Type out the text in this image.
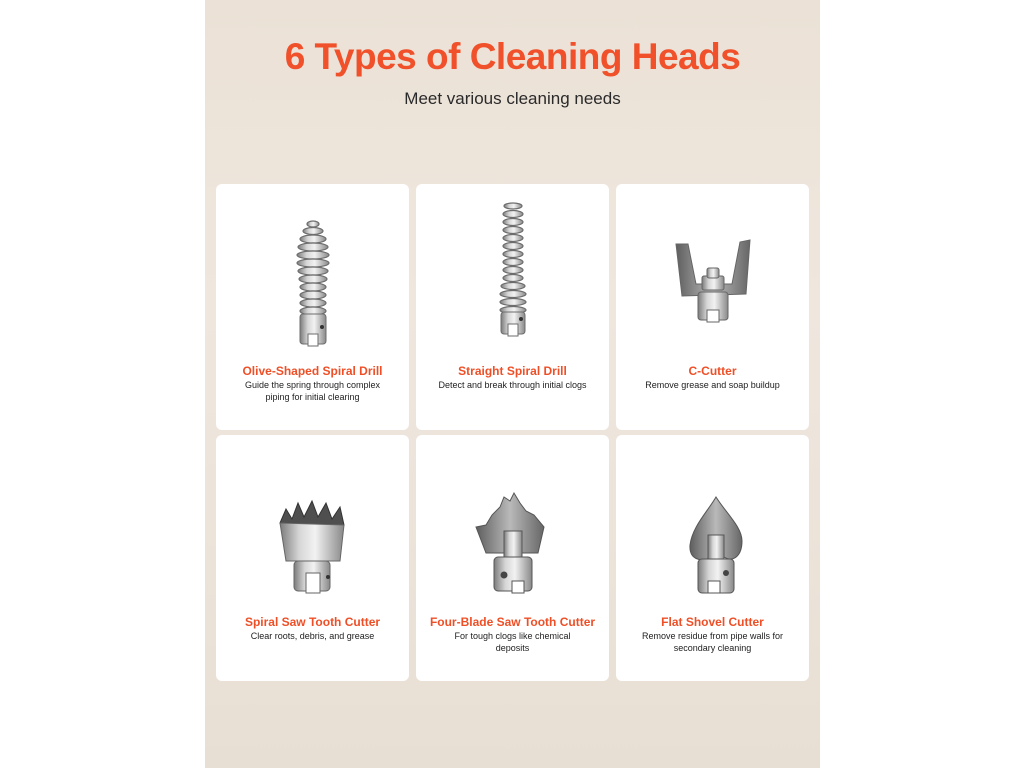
6 Types of Cleaning Heads
Meet various cleaning needs
Olive-Shaped Spiral Drill
Guide the spring through complex piping for initial clearing
Straight Spiral Drill
Detect and break through initial clogs
C-Cutter
Remove grease and soap buildup
Spiral Saw Tooth Cutter
Clear roots, debris, and grease
Four-Blade Saw Tooth Cutter
For tough clogs like chemical deposits
Flat Shovel Cutter
Remove residue from pipe walls for secondary cleaning
